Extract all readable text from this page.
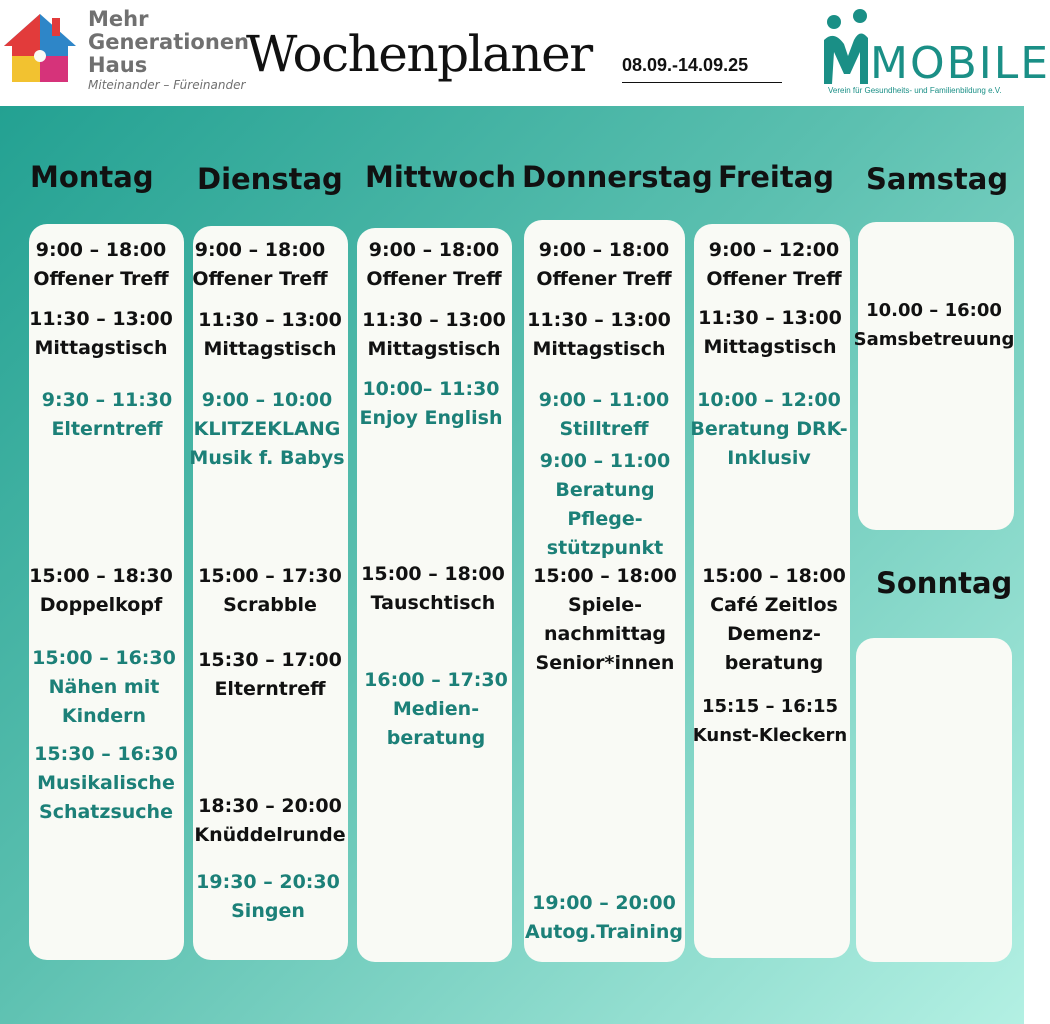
Mehr
Generationen
Haus
Miteinander – Füreinander
Wochenplaner 08.09.-14.09.25	MOBILE
Verein für Gesundheits- und Familienbildung e.V.
Montag Dienstag Mittwoch Donnerstag Freitag Samstag
Sonntag
9:00 – 18:00
Offener Treff
11:30 – 13:00
Mittagstisch
9:30 – 11:30
Elterntreff
15:00 – 18:30
Doppelkopf
15:00 – 16:30
Nähen mit
Kindern
15:30 – 16:30
Musikalische
Schatzsuche
9:00 – 18:00
Offener Treff
11:30 – 13:00
Mittagstisch
9:00 – 10:00
KLITZEKLANG
Musik f. Babys
15:00 – 17:30
Scrabble
15:30 – 17:00
Elterntreff
18:30 – 20:00
Knüddelrunde
19:30 – 20:30
Singen
9:00 – 18:00
Offener Treff
11:30 – 13:00
Mittagstisch
10:00– 11:30
Enjoy English
15:00 – 18:00
Tauschtisch
16:00 – 17:30
Medien-
beratung
9:00 – 18:00
Offener Treff
11:30 – 13:00
Mittagstisch
9:00 – 11:00
Stilltreff
9:00 – 11:00
Beratung
Pflege-
stützpunkt
15:00 – 18:00
Spiele-
nachmittag
Senior*innen
19:00 – 20:00
Autog.Training
9:00 – 12:00
Offener Treff
11:30 – 13:00
Mittagstisch
10:00 – 12:00
Beratung DRK-
Inklusiv
15:00 – 18:00
Café Zeitlos
Demenz-
beratung
15:15 – 16:15
Kunst-Kleckern
10.00 – 16:00
Samsbetreuung
